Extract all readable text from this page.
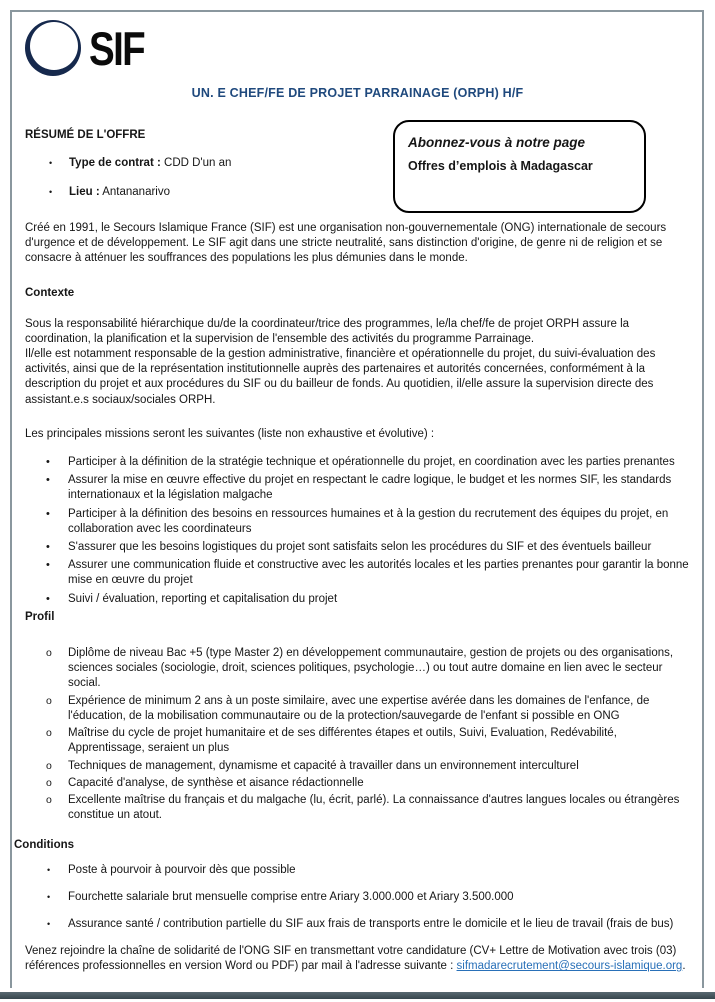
SIF
UN. E CHEF/FE DE PROJET PARRAINAGE (ORPH) H/F
RÉSUMÉ DE L'OFFRE
• Type de contrat : CDD D'un an
• Lieu : Antananarivo
Créé en 1991, le Secours Islamique France (SIF) est une organisation non-gouvernementale (ONG) internationale de secours d'urgence et de développement. Le SIF agit dans une stricte neutralité, sans distinction d'origine, de genre ni de religion et se consacre à atténuer les souffrances des populations les plus démunies dans le monde.
Contexte
Sous la responsabilité hiérarchique du/de la coordinateur/trice des programmes, le/la chef/fe de projet ORPH assure la coordination, la planification et la supervision de l'ensemble des activités du programme Parrainage.
Il/elle est notamment responsable de la gestion administrative, financière et opérationnelle du projet, du suivi-évaluation des activités, ainsi que de la représentation institutionnelle auprès des partenaires et autorités concernées, conformément à la description du projet et aux procédures du SIF ou du bailleur de fonds. Au quotidien, il/elle assure la supervision directe des assistant.e.s sociaux/sociales ORPH.
Les principales missions seront les suivantes (liste non exhaustive et évolutive) :
• Participer à la définition de la stratégie technique et opérationnelle du projet, en coordination avec les parties prenantes
• Assurer la mise en œuvre effective du projet en respectant le cadre logique, le budget et les normes SIF, les standards internationaux et la législation malgache
• Participer à la définition des besoins en ressources humaines et à la gestion du recrutement des équipes du projet, en collaboration avec les coordinateurs
• S'assurer que les besoins logistiques du projet sont satisfaits selon les procédures du SIF et des éventuels bailleur
• Assurer une communication fluide et constructive avec les autorités locales et les parties prenantes pour garantir la bonne mise en œuvre du projet
• Suivi / évaluation, reporting et capitalisation du projet
Profil
o Diplôme de niveau Bac +5 (type Master 2) en développement communautaire, gestion de projets ou des organisations, sciences sociales (sociologie, droit, sciences politiques, psychologie…) ou tout autre domaine en lien avec le secteur social.
o Expérience de minimum 2 ans à un poste similaire, avec une expertise avérée dans les domaines de l'enfance, de l'éducation, de la mobilisation communautaire ou de la protection/sauvegarde de l'enfant si possible en ONG
o Maîtrise du cycle de projet humanitaire et de ses différentes étapes et outils, Suivi, Evaluation, Redévabilité, Apprentissage, seraient un plus
o Techniques de management, dynamisme et capacité à travailler dans un environnement interculturel
o Capacité d'analyse, de synthèse et aisance rédactionnelle
o Excellente maîtrise du français et du malgache (lu, écrit, parlé). La connaissance d'autres langues locales ou étrangères constitue un atout.
Conditions
• Poste à pourvoir à pourvoir dès que possible
• Fourchette salariale brut mensuelle comprise entre Ariary 3.000.000 et Ariary 3.500.000
• Assurance santé / contribution partielle du SIF aux frais de transports entre le domicile et le lieu de travail (frais de bus)
Venez rejoindre la chaîne de solidarité de l'ONG SIF en transmettant votre candidature (CV+ Lettre de Motivation avec trois (03) références professionnelles en version Word ou PDF) par mail à l'adresse suivante : sifmadarecrutement@secours-islamique.org.
Abonnez-vous à notre page
Offres d’emplois à Madagascar
